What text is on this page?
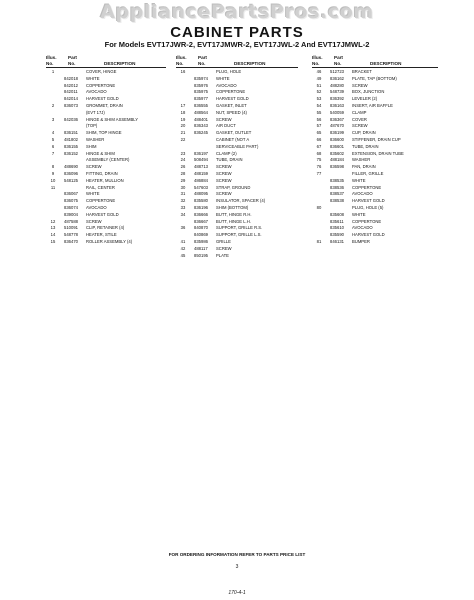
AppliancePartsPros.com
CABINET PARTS
For Models EVT17JWR-2, EVT17JMWR-2, EVT17JWL-2 And EVT17JMWL-2
Illus.	Part
No.	No.	DESCRIPTION
1	COVER, HINGE
842018 WHITE
842012 COPPERTONE
842011 AVOCADO
842014 HARVEST GOLD
2	836073 GROMMET, DRAIN
(EVT 17J)
3	842036 HINGE & SHIM ASSEMBLY
(TOP)
4	836151 SHIM, TOP HINGE
5	481802 WASHER
6	836155 SHIM
7	836152 HINGE & SHIM
ASSEMBLY (CENTER)
8	488690 SCREW
9	836096 FITTING, DRAIN
10	548125 HEATER, MULLION
11	RAIL, CENTER
836067 WHITE
836075 COPPERTONE
836074 AVOCADO
839004 HARVEST GOLD
12	487588 SCREW
13	510091 CLIP, RETAINER (4)
14	548778 HEATER, STILE
15	836470 ROLLER ASSEMBLY (4)
Illus.	Part
No.	No.	DESCRIPTION
16	PLUG, HOLE
835974 WHITE
835976 AVOCADO
835975 COPPERTONE
835977 HARVEST GOLD
17	836555 GASKET, INLET
18	488564 NUT, SPEED (4)
19	488401 SCREW
20	836343 AIR DUCT
21	836245 GASKET, OUTLET
22	CABINET (NOT A
SERVICEABLE PART)
23	836197 CLAMP (2)
24	508494 TUBE, DRAIN
26	488713 SCREW
28	488159 SCREW
29	486884 SCREW
30	547603 STRAP, GROUND
31	488095 SCREW
32	835580 INSULATOR, SPACER (4)
33	836196 SHIM (BOTTOM)
34	836666 BUTT, HINGE R.H.
836667 BUTT, HINGE L.H.
36	840870 SUPPORT, GRILLE R.S.
840869 SUPPORT, GRILLE L.S.
41	835986 GRILLE
42	488117 SCREW
45	850195 PLATE
Illus.	Part
No.	No.	DESCRIPTION
46	512723 BRACKET
49	836162 PLATE, TAP (BOTTOM)
51	488280 SCREW
52	548739 BOX, JUNCTION
53	836392 LEVELER (2)
54	836163 INSERT, AIR BAFFLE
55	540059 CLAMP
56	836367 COVER
57	487670 SCREW
65	836199 CUP, DRAIN
66	836600 STIFFENER, DRAIN CUP
67	836601 TUBE, DRAIN
68	835602 EXTENSION, DRAIN TUBE
75	488184 WASHER
76	836598 PAN, DRAIN
77	FILLER, GRILLE
838535 WHITE
838536 COPPERTONE
838537 AVOCADO
838538 HARVEST GOLD
80	PLUG, HOLE (5)
835608 WHITE
835611 COPPERTONE
835610 AVOCADO
835590 HARVEST GOLD
81	846131 BUMPER
FOR ORDERING INFORMATION REFER TO PARTS PRICE LIST
3
170-4-1
